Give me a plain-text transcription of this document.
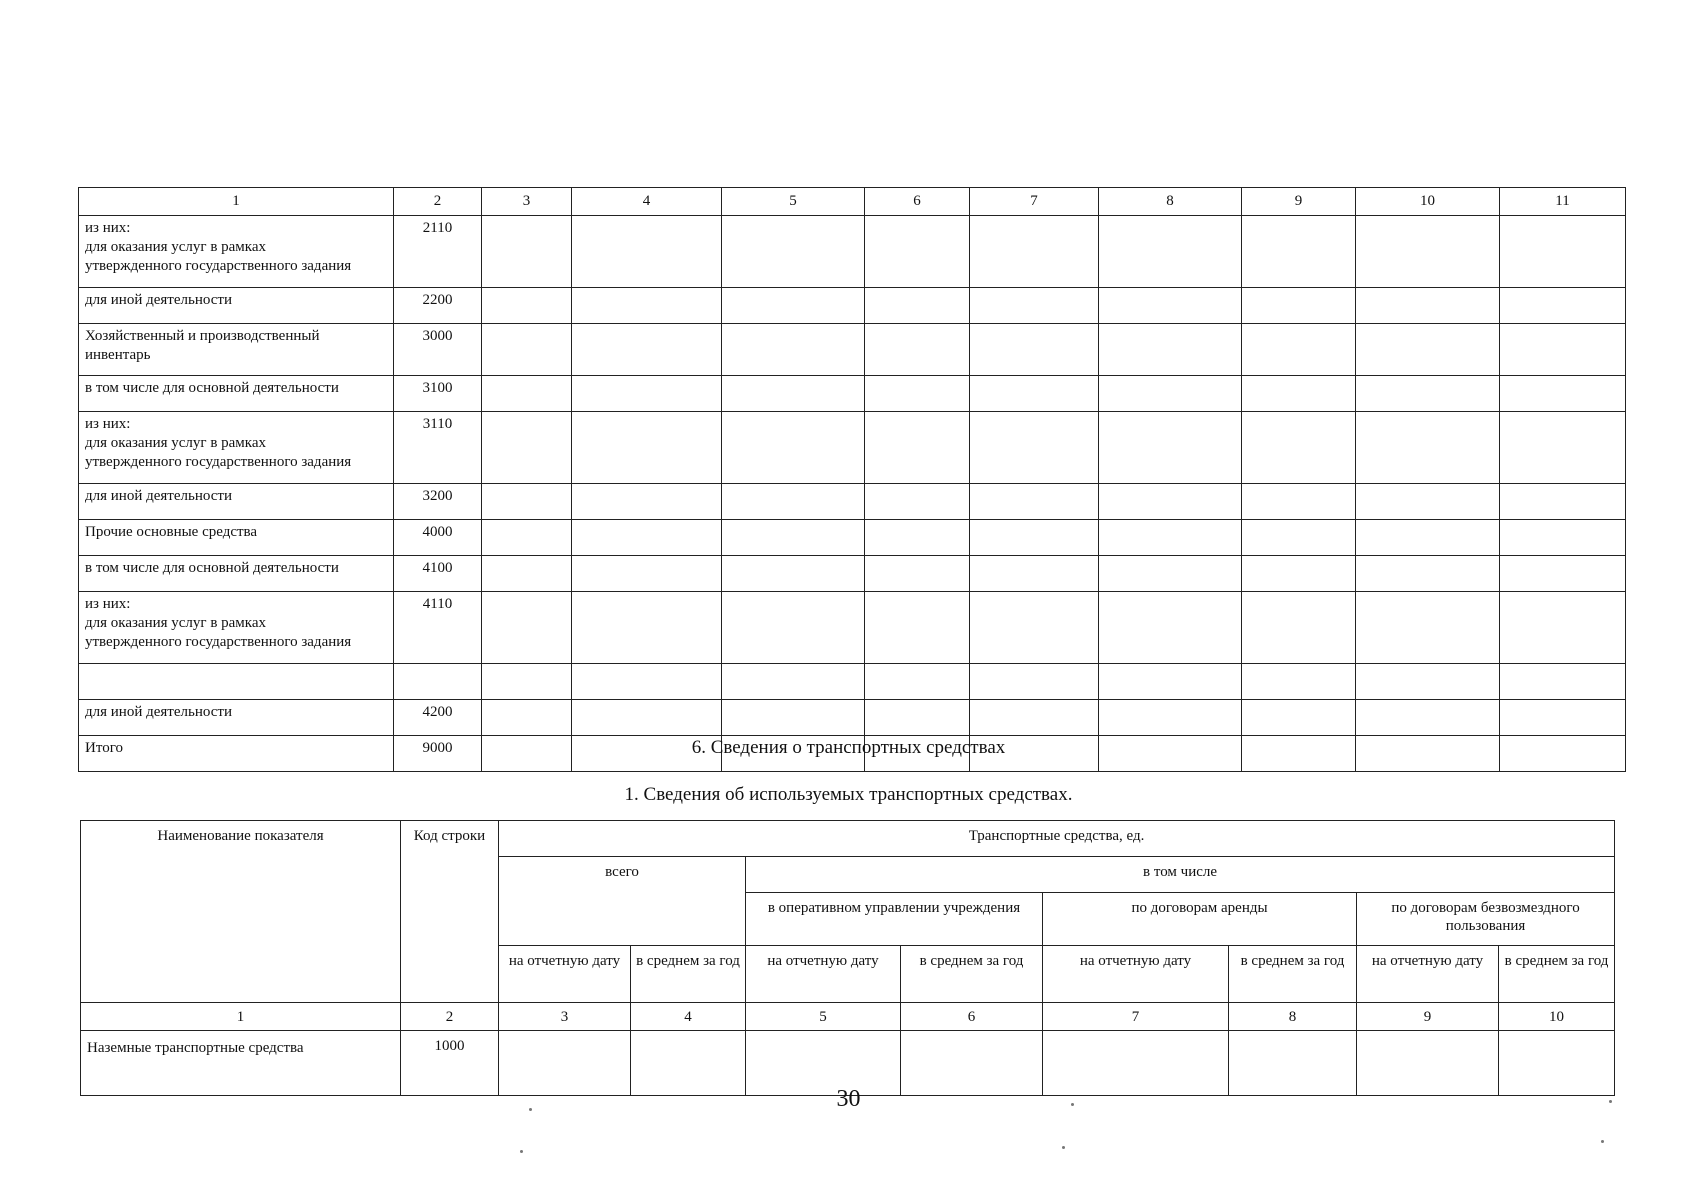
1	2	3	4	5	6	7	8	9	10	11
из них:
для оказания услуг в рамках
утвержденного государственного задания	2110									
для иной деятельности	2200									
Хозяйственный и производственный
инвентарь	3000									
в том числе для основной деятельности	3100									
из них:
для оказания услуг в рамках
утвержденного государственного задания	3110									
для иной деятельности	3200									
Прочие основные средства	4000									
в том числе для основной деятельности	4100									
из них:
для оказания услуг в рамках
утвержденного государственного задания	4110									

для иной деятельности	4200									
Итого	9000										6. Сведения о транспортных средствах
1. Сведения об используемых транспортных средствах.
Наименование показателя	Код строки	Транспортные средства, ед.							
		всего		в том числе					
				в оперативном управлении учреждения		по договорам аренды		по договорам безвозмездного пользования	
		на отчетную дату	в среднем за год	на отчетную дату	в среднем за год	на отчетную дату	в среднем за год	на отчетную дату	в среднем за год
1	2	3	4	5	6	7	8	9	10
Наземные транспортные средства	1000								
30
